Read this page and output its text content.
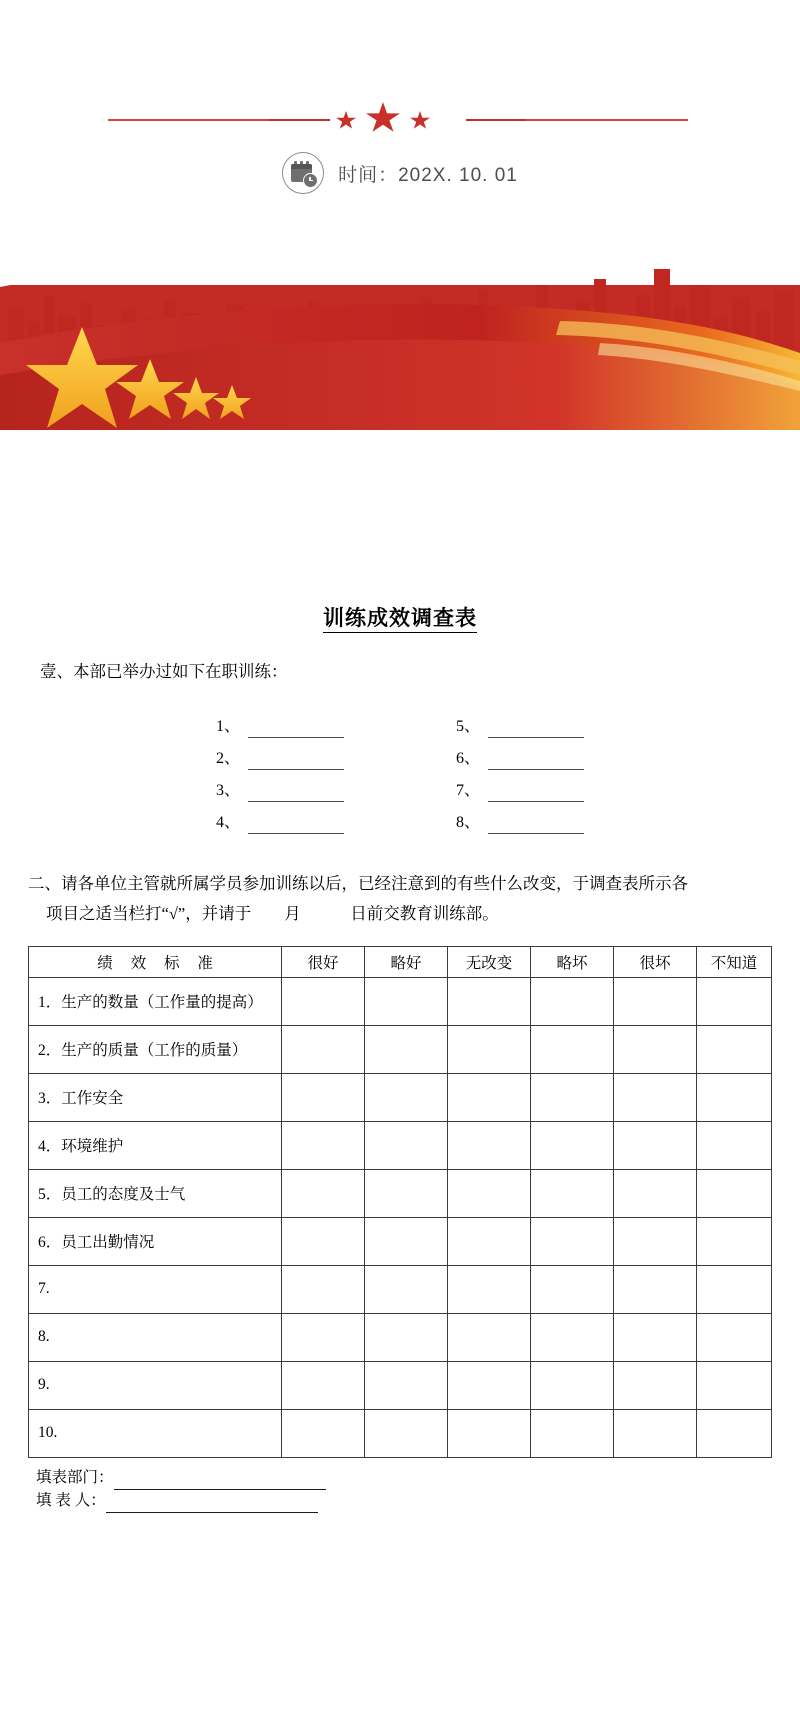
时间：202X. 10. 01
训练成效调查表

壹、本部已举办过如下在职训练：

1、	5、
2、	6、
3、	7、
4、	8、

二、请各单位主管就所属学员参加训练以后，已经注意到的有些什么改变，于调查表所示各
项目之适当栏打“√”，并请于　　月　　　日前交教育训练部。

绩 效 标 准	很好	略好	无改变	略坏	很坏	不知道
1．生产的数量（工作量的提高）						
2．生产的质量（工作的质量）						
3．工作安全						
4．环境维护						
5．员工的态度及士气						
6．员工出勤情况						
7.						
8.						
9.						
10.						
填表部门：
填 表 人：
